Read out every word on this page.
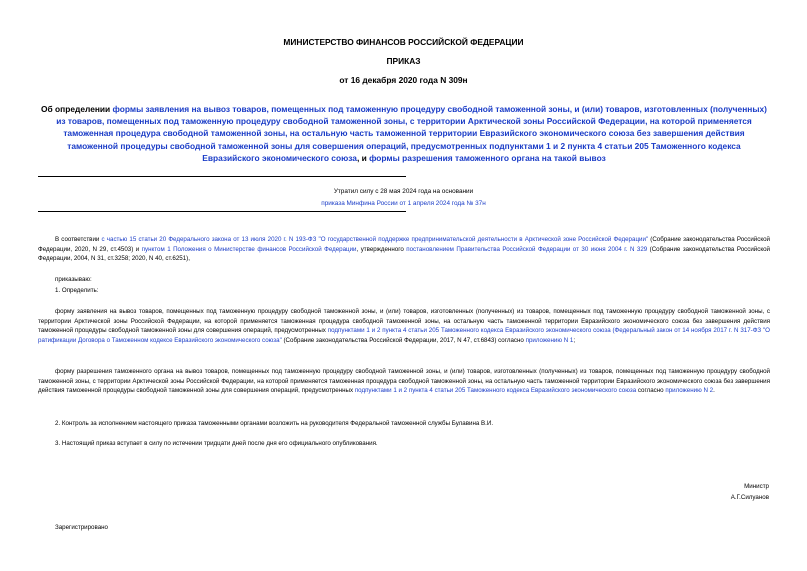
МИНИСТЕРСТВО ФИНАНСОВ РОССИЙСКОЙ ФЕДЕРАЦИИ
ПРИКАЗ
от 16 декабря 2020 года N 309н
Об определении формы заявления на вывоз товаров, помещенных под таможенную процедуру свободной таможенной зоны, и (или) товаров, изготовленных (полученных) из товаров, помещенных под таможенную процедуру свободной таможенной зоны, с территории Арктической зоны Российской Федерации, на которой применяется таможенная процедура свободной таможенной зоны, на остальную часть таможенной территории Евразийского экономического союза без завершения действия таможенной процедуры свободной таможенной зоны для совершения операций, предусмотренных подпунктами 1 и 2 пункта 4 статьи 205 Таможенного кодекса Евразийского экономического союза, и формы разрешения таможенного органа на такой вывоз
Утратил силу с 28 мая 2024 года на основании
приказа Минфина России от 1 апреля 2024 года № 37н
В соответствии с частью 15 статьи 20 Федерального закона от 13 июля 2020 г. N 193-ФЗ "О государственной поддержке предпринимательской деятельности в Арктической зоне Российской Федерации" (Собрание законодательства Российской Федерации, 2020, N 29, ст.4503) и пунктом 1 Положения о Министерстве финансов Российской Федерации, утвержденного постановлением Правительства Российской Федерации от 30 июня 2004 г. N 329 (Собрание законодательства Российской Федерации, 2004, N 31, ст.3258; 2020, N 40, ст.6251),
приказываю:
1. Определить:
форму заявления на вывоз товаров, помещенных под таможенную процедуру свободной таможенной зоны, и (или) товаров, изготовленных (полученных) из товаров, помещенных под таможенную процедуру свободной таможенной зоны, с территории Арктической зоны Российской Федерации, на которой применяется таможенная процедура свободной таможенной зоны, на остальную часть таможенной территории Евразийского экономического союза без завершения действия таможенной процедуры свободной таможенной зоны для совершения операций, предусмотренных подпунктами 1 и 2 пункта 4 статьи 205 Таможенного кодекса Евразийского экономического союза (Федеральный закон от 14 ноября 2017 г. N 317-ФЗ "О ратификации Договора о Таможенном кодексе Евразийского экономического союза" (Собрание законодательства Российской Федерации, 2017, N 47, ст.6843) согласно приложению N 1;
форму разрешения таможенного органа на вывоз товаров, помещенных под таможенную процедуру свободной таможенной зоны, и (или) товаров, изготовленных (полученных) из товаров, помещенных под таможенную процедуру свободной таможенной зоны, с территории Арктической зоны Российской Федерации, на которой применяется таможенная процедура свободной таможенной зоны, на остальную часть таможенной территории Евразийского экономического союза без завершения действия таможенной процедуры свободной таможенной зоны для совершения операций, предусмотренных подпунктами 1 и 2 пункта 4 статьи 205 Таможенного кодекса Евразийского экономического союза согласно приложению N 2.
2. Контроль за исполнением настоящего приказа таможенными органами возложить на руководителя Федеральной таможенной службы Булавина В.И.
3. Настоящий приказ вступает в силу по истечении тридцати дней после дня его официального опубликования.
Министр
А.Г.Силуанов
Зарегистрировано
